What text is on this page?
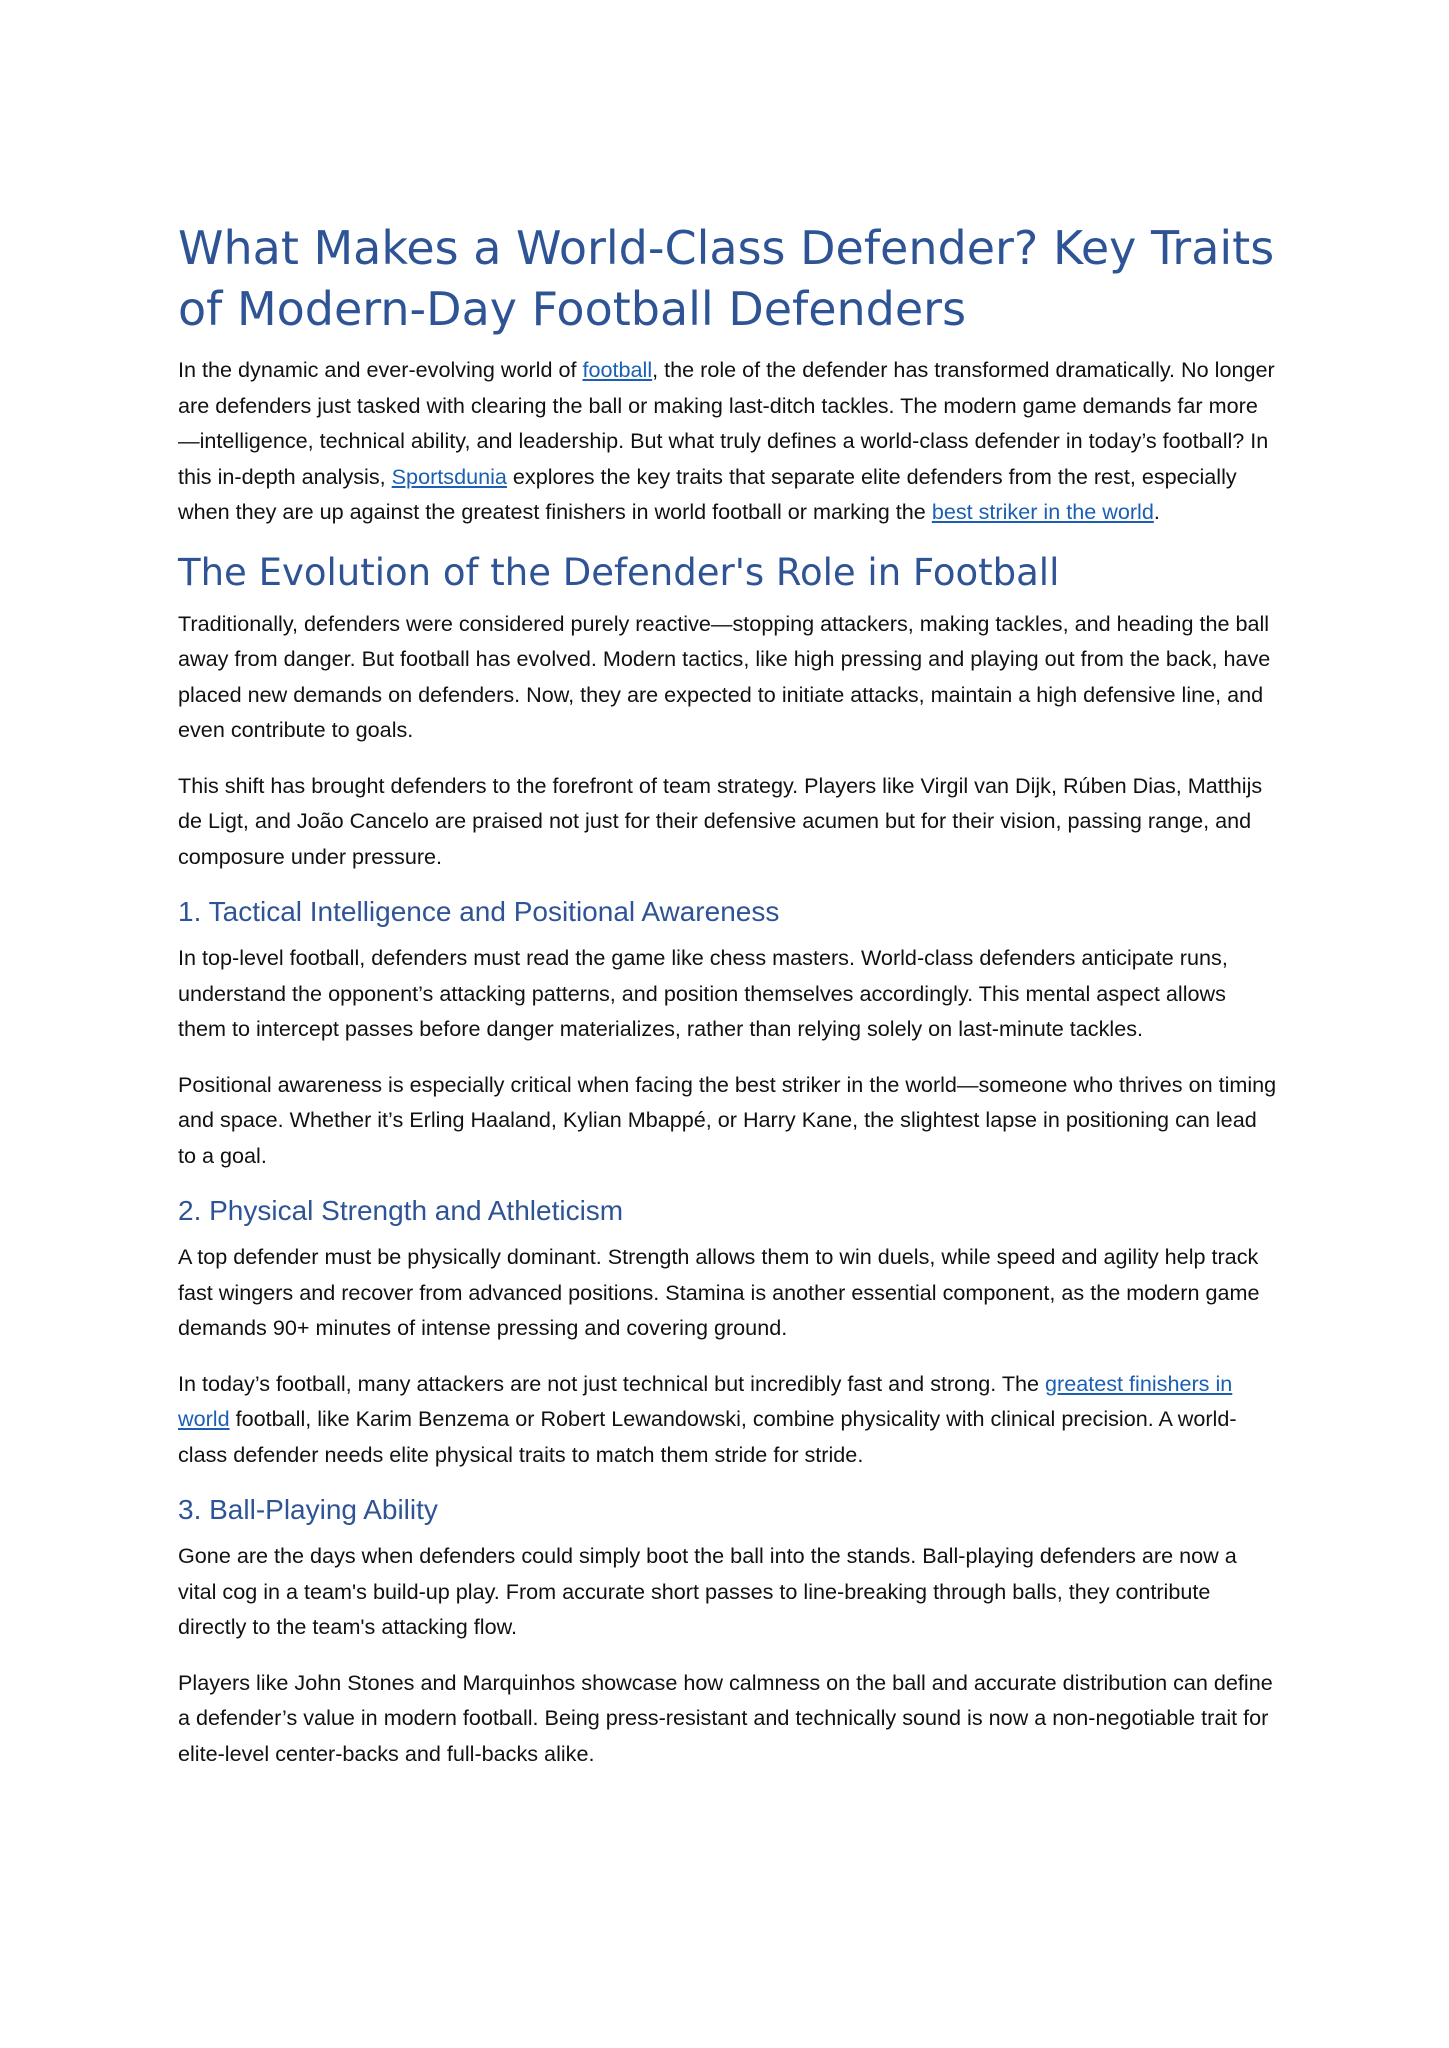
What Makes a World-Class Defender? Key Traits of Modern-Day Football Defenders

In the dynamic and ever-evolving world of football, the role of the defender has transformed dramatically. No longer are defenders just tasked with clearing the ball or making last-ditch tackles. The modern game demands far more—intelligence, technical ability, and leadership. But what truly defines a world-class defender in today’s football? In this in-depth analysis, Sportsdunia explores the key traits that separate elite defenders from the rest, especially when they are up against the greatest finishers in world football or marking the best striker in the world.

The Evolution of the Defender's Role in Football

Traditionally, defenders were considered purely reactive—stopping attackers, making tackles, and heading the ball away from danger. But football has evolved. Modern tactics, like high pressing and playing out from the back, have placed new demands on defenders. Now, they are expected to initiate attacks, maintain a high defensive line, and even contribute to goals.

This shift has brought defenders to the forefront of team strategy. Players like Virgil van Dijk, Rúben Dias, Matthijs de Ligt, and João Cancelo are praised not just for their defensive acumen but for their vision, passing range, and composure under pressure.

1. Tactical Intelligence and Positional Awareness

In top-level football, defenders must read the game like chess masters. World-class defenders anticipate runs, understand the opponent’s attacking patterns, and position themselves accordingly. This mental aspect allows them to intercept passes before danger materializes, rather than relying solely on last-minute tackles.

Positional awareness is especially critical when facing the best striker in the world—someone who thrives on timing and space. Whether it’s Erling Haaland, Kylian Mbappé, or Harry Kane, the slightest lapse in positioning can lead to a goal.

2. Physical Strength and Athleticism

A top defender must be physically dominant. Strength allows them to win duels, while speed and agility help track fast wingers and recover from advanced positions. Stamina is another essential component, as the modern game demands 90+ minutes of intense pressing and covering ground.

In today’s football, many attackers are not just technical but incredibly fast and strong. The greatest finishers in world football, like Karim Benzema or Robert Lewandowski, combine physicality with clinical precision. A world-class defender needs elite physical traits to match them stride for stride.

3. Ball-Playing Ability

Gone are the days when defenders could simply boot the ball into the stands. Ball-playing defenders are now a vital cog in a team's build-up play. From accurate short passes to line-breaking through balls, they contribute directly to the team's attacking flow.

Players like John Stones and Marquinhos showcase how calmness on the ball and accurate distribution can define a defender’s value in modern football. Being press-resistant and technically sound is now a non-negotiable trait for elite-level center-backs and full-backs alike.
